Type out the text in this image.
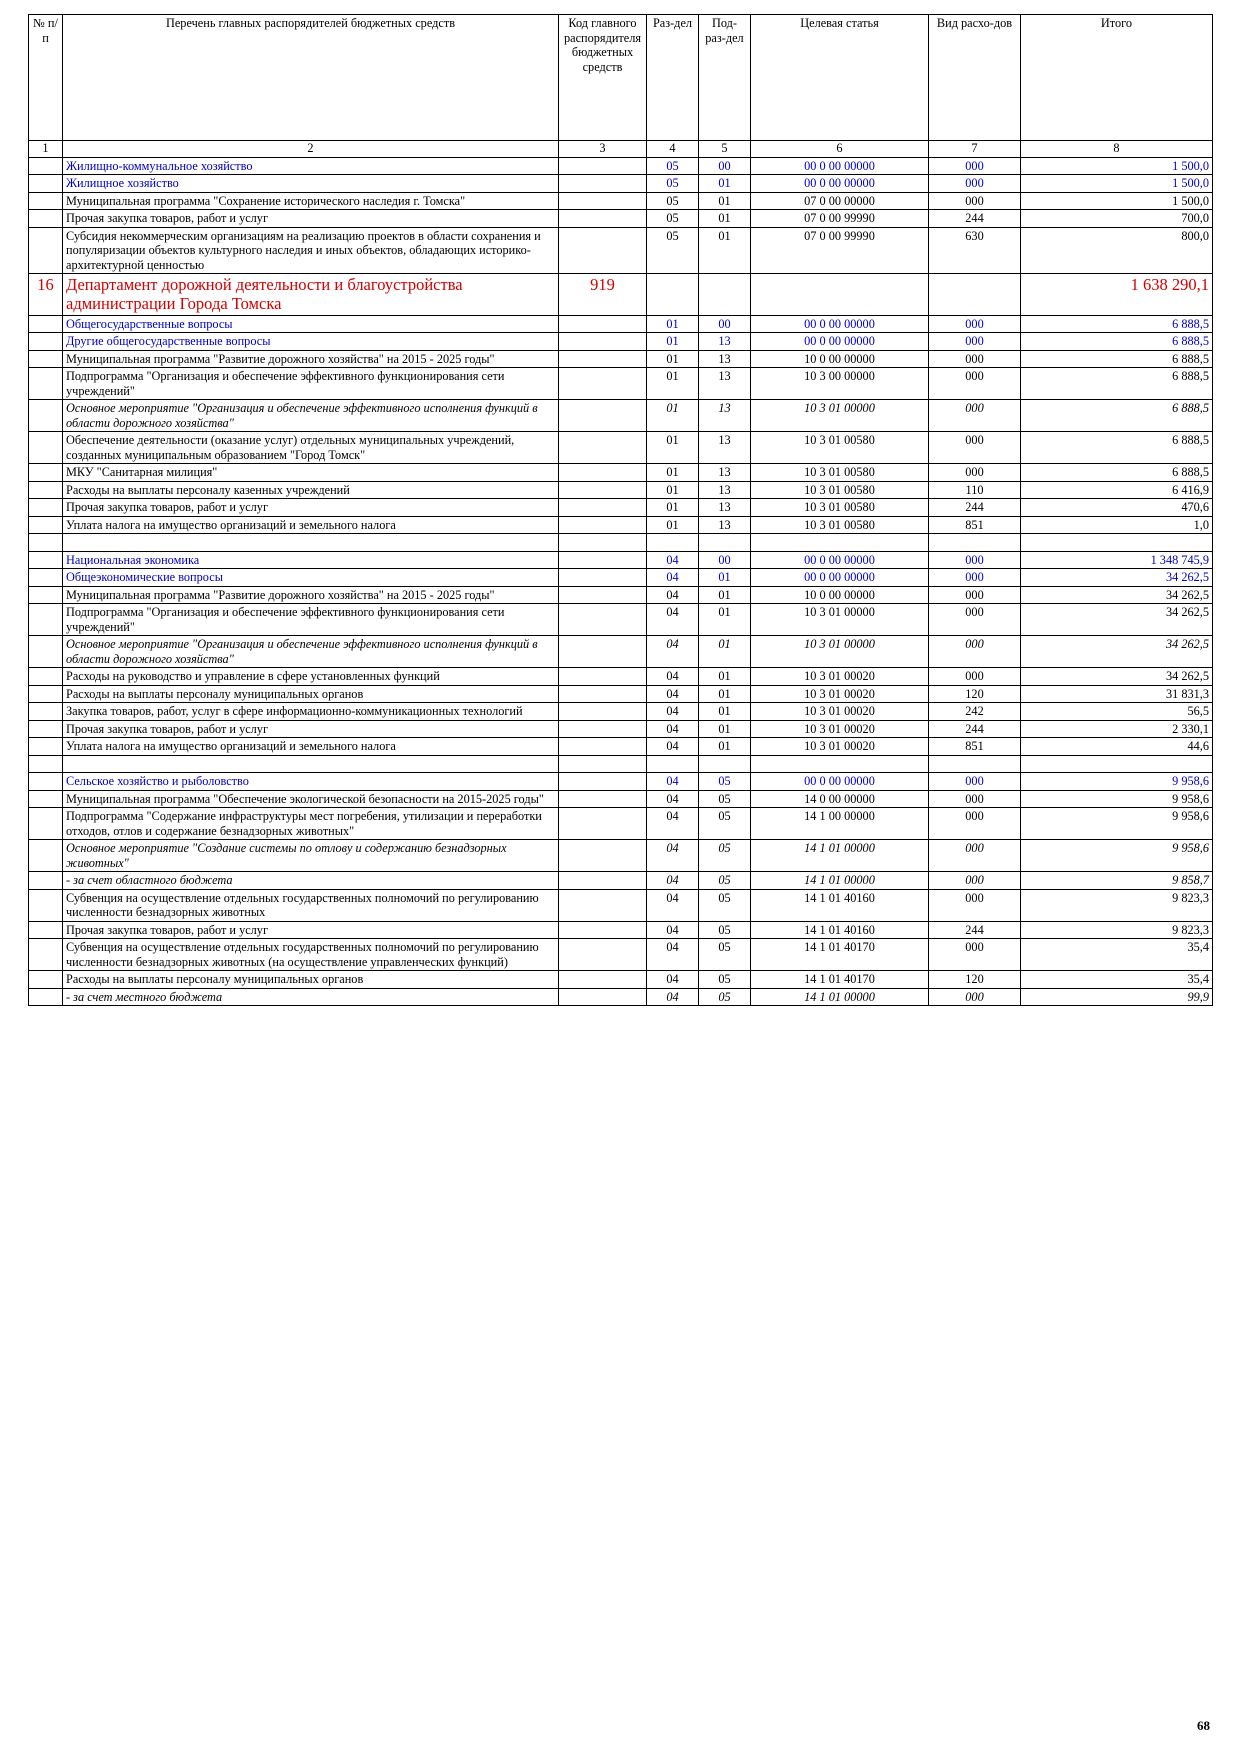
№ п/п	Перечень главных распорядителей бюджетных средств	Код главного распорядителя бюджетных средств	Раз-дел	Под-раз-дел	Целевая статья	Вид расхо-дов	Итого
1	2	3	4	5	6	7	8
	Жилищно-коммунальное хозяйство		05	00	00 0 00 00000	000	1 500,0
	Жилищное хозяйство		05	01	00 0 00 00000	000	1 500,0
	Муниципальная программа "Сохранение исторического наследия г. Томска"		05	01	07 0 00 00000	000	1 500,0
	Прочая закупка товаров, работ и услуг		05	01	07 0 00 99990	244	700,0
	Субсидия некоммерческим организациям на реализацию проектов в области сохранения и популяризации объектов культурного наследия и иных объектов, обладающих историко-архитектурной ценностью		05	01	07 0 00 99990	630	800,0
16	Департамент дорожной деятельности и благоустройства администрации Города Томска	919					1 638 290,1
	Общегосударственные вопросы		01	00	00 0 00 00000	000	6 888,5
	Другие общегосударственные вопросы		01	13	00 0 00 00000	000	6 888,5
	Муниципальная программа "Развитие дорожного хозяйства" на 2015 - 2025 годы"		01	13	10 0 00 00000	000	6 888,5
	Подпрограмма "Организация и обеспечение эффективного функционирования сети учреждений"		01	13	10 3 00 00000	000	6 888,5
	Основное мероприятие "Организация и обеспечение эффективного исполнения функций в области дорожного хозяйства"		01	13	10 3 01 00000	000	6 888,5
	Обеспечение деятельности (оказание услуг) отдельных муниципальных учреждений, созданных муниципальным образованием "Город Томск"		01	13	10 3 01 00580	000	6 888,5
	МКУ "Санитарная милиция"		01	13	10 3 01 00580	000	6 888,5
	Расходы на выплаты персоналу казенных учреждений		01	13	10 3 01 00580	110	6 416,9
	Прочая закупка товаров, работ и услуг		01	13	10 3 01 00580	244	470,6
	Уплата налога на имущество организаций и земельного налога		01	13	10 3 01 00580	851	1,0

	Национальная экономика		04	00	00 0 00 00000	000	1 348 745,9
	Общеэкономические вопросы		04	01	00 0 00 00000	000	34 262,5
	Муниципальная программа "Развитие дорожного хозяйства" на 2015 - 2025 годы"		04	01	10 0 00 00000	000	34 262,5
	Подпрограмма "Организация и обеспечение эффективного функционирования сети учреждений"		04	01	10 3 01 00000	000	34 262,5
	Основное мероприятие "Организация и обеспечение эффективного исполнения функций в области дорожного хозяйства"		04	01	10 3 01 00000	000	34 262,5
	Расходы на руководство и управление в сфере установленных функций		04	01	10 3 01 00020	000	34 262,5
	Расходы на выплаты персоналу муниципальных органов		04	01	10 3 01 00020	120	31 831,3
	Закупка товаров, работ, услуг в сфере информационно-коммуникационных технологий		04	01	10 3 01 00020	242	56,5
	Прочая закупка товаров, работ и услуг		04	01	10 3 01 00020	244	2 330,1
	Уплата налога на имущество организаций и земельного налога		04	01	10 3 01 00020	851	44,6

	Сельское хозяйство и рыболовство		04	05	00 0 00 00000	000	9 958,6
	Муниципальная программа "Обеспечение экологической безопасности на 2015-2025 годы"		04	05	14 0 00 00000	000	9 958,6
	Подпрограмма "Содержание инфраструктуры мест погребения, утилизации и переработки отходов, отлов и содержание безнадзорных животных"		04	05	14 1 00 00000	000	9 958,6
	Основное мероприятие "Создание системы по отлову и содержанию безнадзорных животных"		04	05	14 1 01 00000	000	9 958,6
	- за счет областного бюджета		04	05	14 1 01 00000	000	9 858,7
	Субвенция на осуществление отдельных государственных полномочий по регулированию численности безнадзорных животных		04	05	14 1 01 40160	000	9 823,3
	Прочая закупка товаров, работ и услуг		04	05	14 1 01 40160	244	9 823,3
	Субвенция на осуществление отдельных государственных полномочий по регулированию численности безнадзорных животных (на осуществление управленческих функций)		04	05	14 1 01 40170	000	35,4
	Расходы на выплаты персоналу муниципальных органов		04	05	14 1 01 40170	120	35,4
	- за счет местного бюджета		04	05	14 1 01 00000	000	99,9
68
